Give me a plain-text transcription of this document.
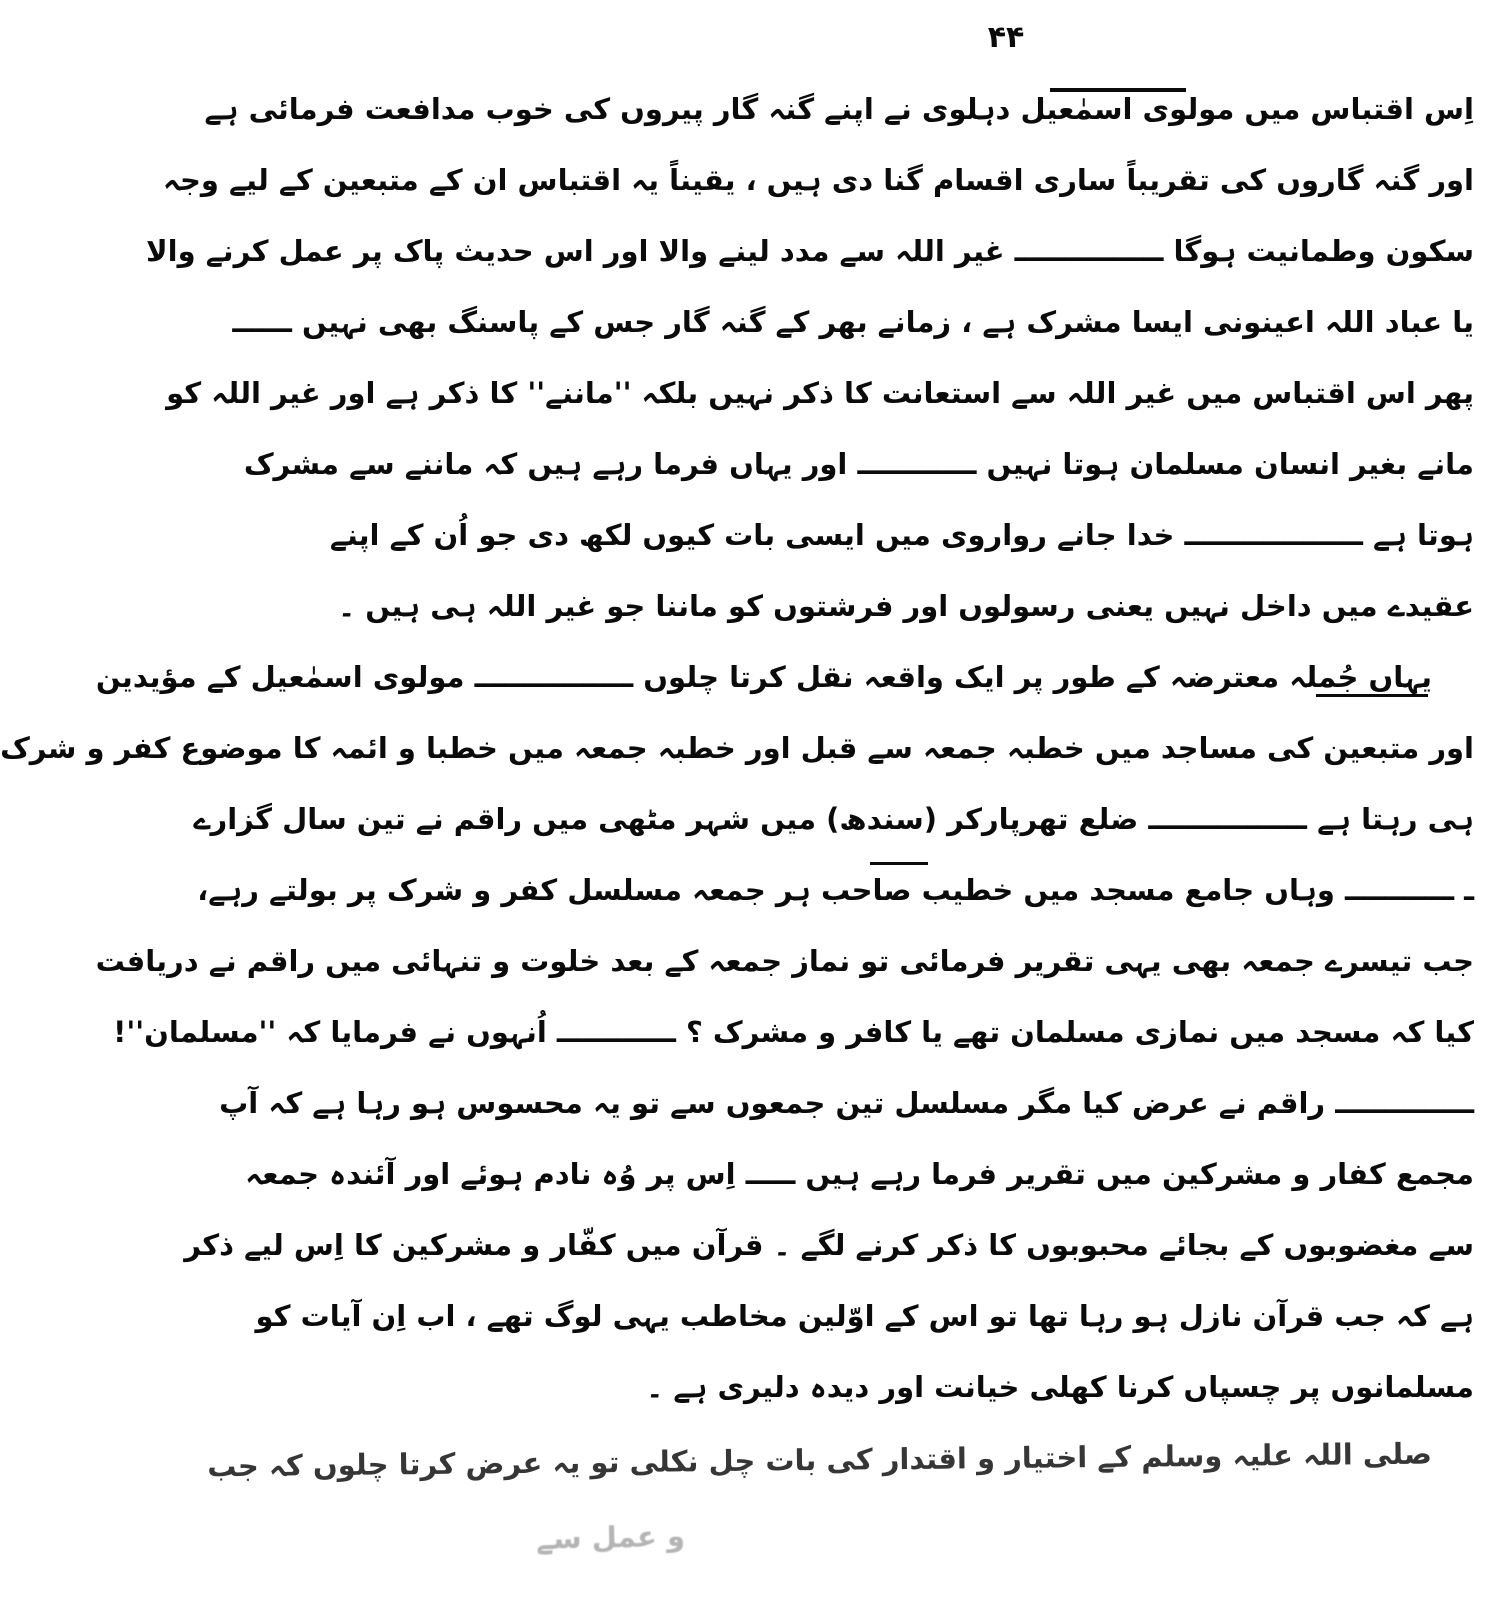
۴۴
اِس اقتباس میں مولوی اسمٰعیل دہلوی نے اپنے گنہ گار پیروں کی خوب مدافعت فرمائی ہے
اور گنہ گاروں کی تقریباً ساری اقسام گنا دی ہیں ، یقیناً یہ اقتباس ان کے متبعین کے لیے وجہ
سکون وطمانیت ہوگا ـــــــــــــــ غیر اللہ سے مدد لینے والا اور اس حدیث پاک پر عمل کرنے والا
یا عباد اللہ اعینونی ایسا مشرک ہے ، زمانے بھر کے گنہ گار جس کے پاسنگ بھی نہیں ــــــ
پھر اس اقتباس میں غیر اللہ سے استعانت کا ذکر نہیں بلکہ ''ماننے'' کا ذکر ہے اور غیر اللہ کو
مانے بغیر انسان مسلمان ہوتا نہیں ــــــــــــ اور یہاں فرما رہے ہیں کہ ماننے سے مشرک
ہوتا ہے ــــــــــــــــــ خدا جانے رواروی میں ایسی بات کیوں لکھ دی جو اُن کے اپنے
عقیدے میں داخل نہیں یعنی رسولوں اور فرشتوں کو ماننا جو غیر اللہ ہی ہیں ۔
یہاں جُملہ معترضہ کے طور پر ایک واقعہ نقل کرتا چلوں ــــــــــــــــ مولوی اسمٰعیل کے مؤیدین
اور متبعین کی مساجد میں خطبہ جمعہ سے قبل اور خطبہ جمعہ میں خطبا و ائمہ کا موضوع کفر و شرک
ہی رہتا ہے ــــــــــــــــ ضلع تھرپارکر (سندھ) میں شہر مٹھی میں راقم نے تین سال گزارے
ـ ـــــــــــ وہاں جامع مسجد میں خطیب صاحب ہر جمعہ مسلسل کفر و شرک پر بولتے رہے،
جب تیسرے جمعہ بھی یہی تقریر فرمائی تو نماز جمعہ کے بعد خلوت و تنہائی میں راقم نے دریافت
کیا کہ مسجد میں نمازی مسلمان تھے یا کافر و مشرک ؟ ــــــــــــ اُنہوں نے فرمایا کہ ''مسلمان''!
ــــــــــــــ راقم نے عرض کیا مگر مسلسل تین جمعوں سے تو یہ محسوس ہو رہا ہے کہ آپ
مجمع کفار و مشرکین میں تقریر فرما رہے ہیں ـــــ اِس پر وُہ نادم ہوئے اور آئندہ جمعہ
سے مغضوبوں کے بجائے محبوبوں کا ذکر کرنے لگے ۔ قرآن میں کفّار و مشرکین کا اِس لیے ذکر
ہے کہ جب قرآن نازل ہو رہا تھا تو اس کے اوّلین مخاطب یہی لوگ تھے ، اب اِن آیات کو
مسلمانوں پر چسپاں کرنا کھلی خیانت اور دیدہ دلیری ہے ۔
صلی اللہ علیہ وسلم کے اختیار و اقتدار کی بات چل نکلی تو یہ عرض کرتا چلوں کہ جب
و عمل سے
